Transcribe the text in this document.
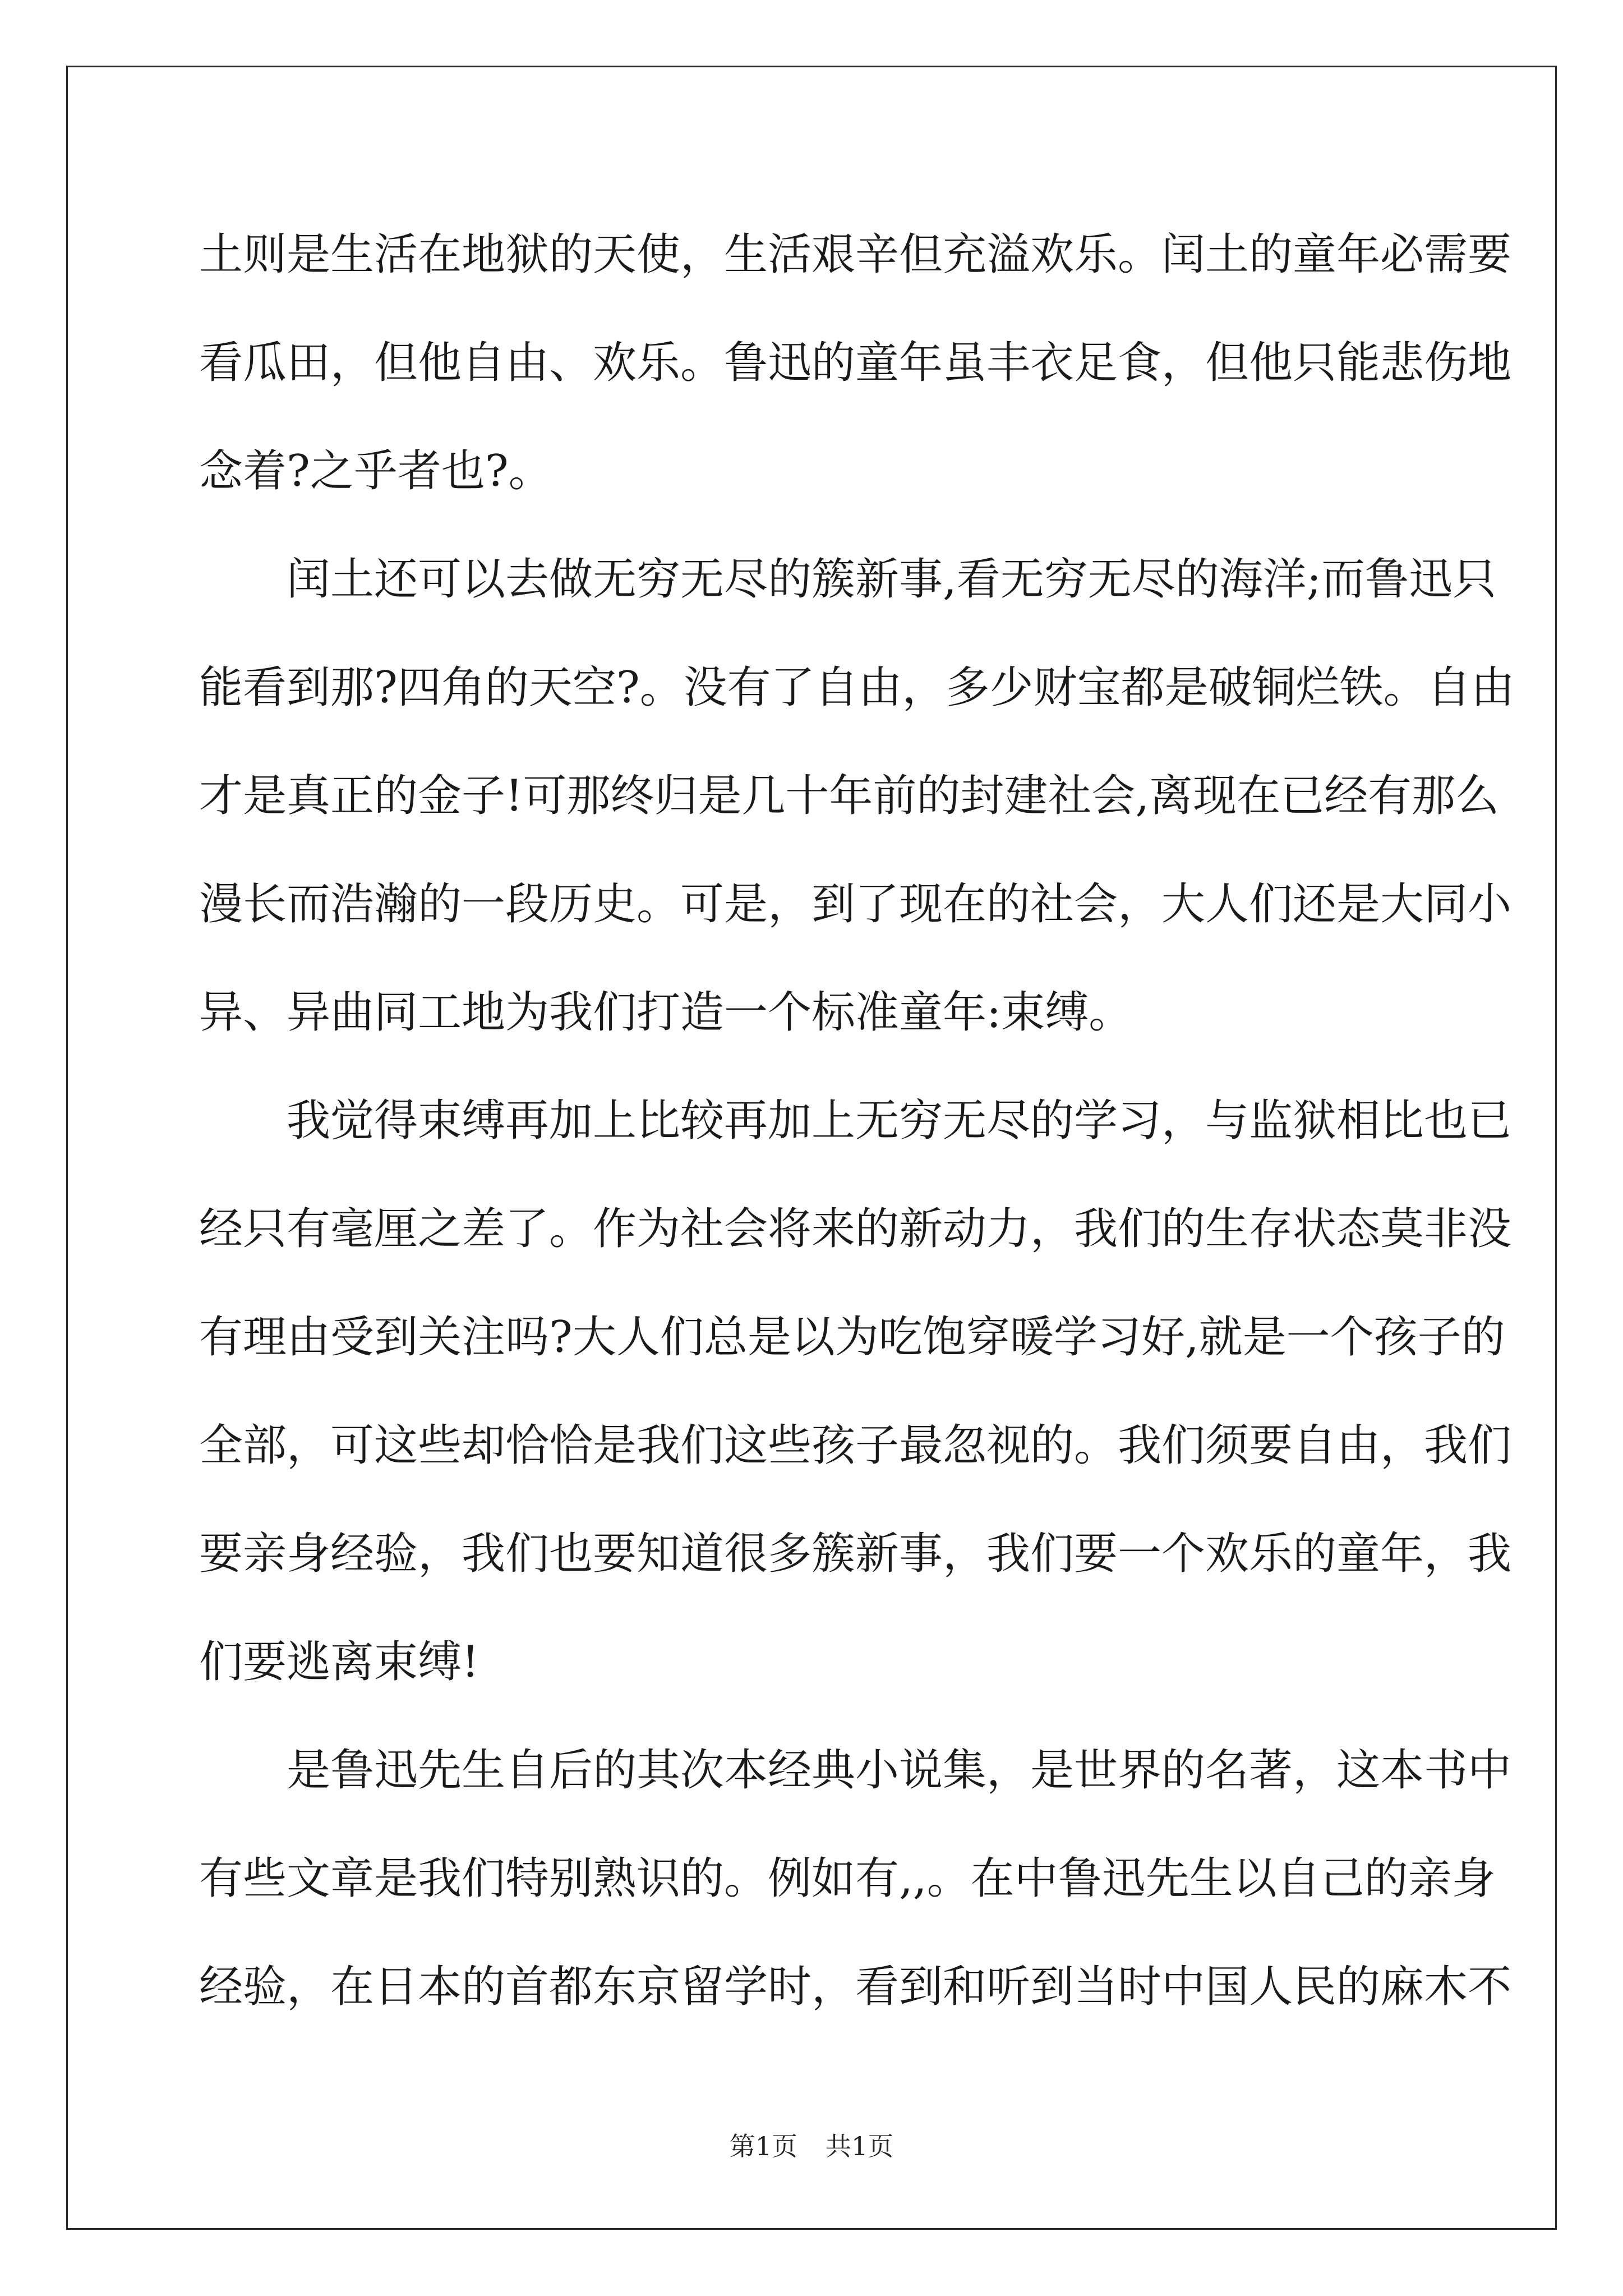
土则是生活在地狱的天使，生活艰辛但充溢欢乐。闰土的童年必需要
看瓜田，但他自由、欢乐。鲁迅的童年虽丰衣足食，但他只能悲伤地
念着?之乎者也?。
　　闰土还可以去做无穷无尽的簇新事,看无穷无尽的海洋;而鲁迅只
能看到那?四角的天空?。没有了自由，多少财宝都是破铜烂铁。自由
才是真正的金子!可那终归是几十年前的封建社会,离现在已经有那么
漫长而浩瀚的一段历史。可是，到了现在的社会，大人们还是大同小
异、异曲同工地为我们打造一个标准童年:束缚。
　　我觉得束缚再加上比较再加上无穷无尽的学习，与监狱相比也已
经只有毫厘之差了。作为社会将来的新动力，我们的生存状态莫非没
有理由受到关注吗?大人们总是以为吃饱穿暖学习好,就是一个孩子的
全部，可这些却恰恰是我们这些孩子最忽视的。我们须要自由，我们
要亲身经验，我们也要知道很多簇新事，我们要一个欢乐的童年，我
们要逃离束缚!
　　是鲁迅先生自后的其次本经典小说集，是世界的名著，这本书中
有些文章是我们特别熟识的。例如有,,。在中鲁迅先生以自己的亲身
经验，在日本的首都东京留学时，看到和听到当时中国人民的麻木不
第1页 共1页
